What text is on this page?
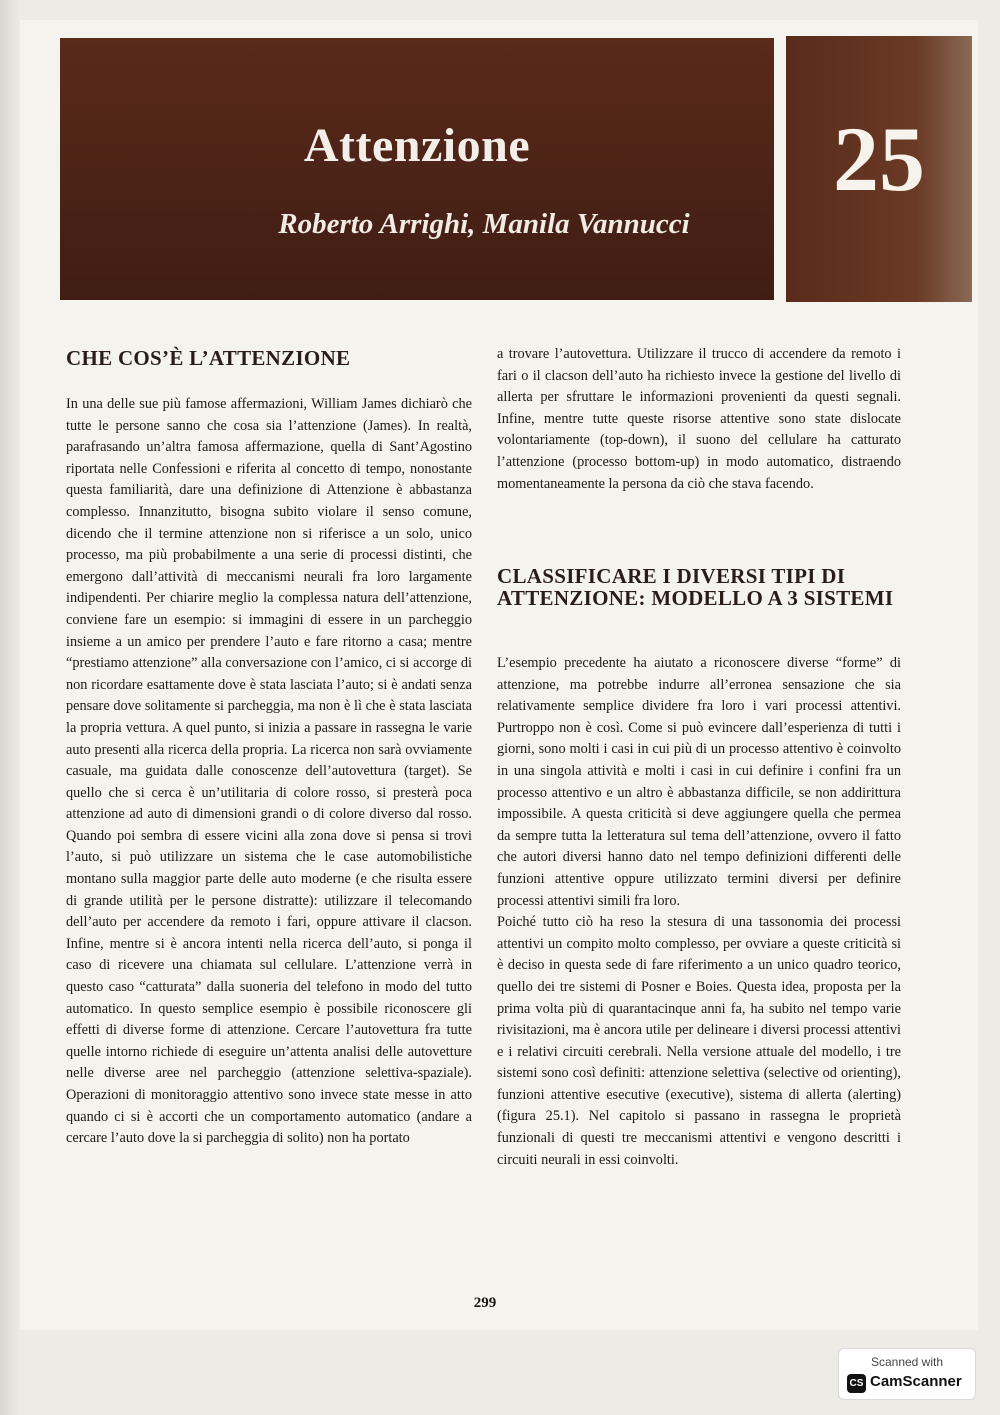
Attenzione
Roberto Arrighi, Manila Vannucci
25
CHE COS’È L’ATTENZIONE

In una delle sue più famose affermazioni, William James dichiarò che tutte le persone sanno che cosa sia l’attenzione (James). In realtà, parafrasando un’altra famosa affermazione, quella di Sant’Agostino riportata nelle Confessioni e riferita al concetto di tempo, nonostante questa familiarità, dare una definizione di Attenzione è abbastanza complesso. Innanzitutto, bisogna subito violare il senso comune, dicendo che il termine attenzione non si riferisce a un solo, unico processo, ma più probabilmente a una serie di processi distinti, che emergono dall’attività di meccanismi neurali fra loro largamente indipendenti. Per chiarire meglio la complessa natura dell’attenzione, conviene fare un esempio: si immagini di essere in un parcheggio insieme a un amico per prendere l’auto e fare ritorno a casa; mentre “prestiamo attenzione” alla conversazione con l’amico, ci si accorge di non ricordare esattamente dove è stata lasciata l’auto; si è andati senza pensare dove solitamente si parcheggia, ma non è lì che è stata lasciata la propria vettura. A quel punto, si inizia a passare in rassegna le varie auto presenti alla ricerca della propria. La ricerca non sarà ovviamente casuale, ma guidata dalle conoscenze dell’autovettura (target). Se quello che si cerca è un’utilitaria di colore rosso, si presterà poca attenzione ad auto di dimensioni grandi o di colore diverso dal rosso. Quando poi sembra di essere vicini alla zona dove si pensa si trovi l’auto, si può utilizzare un sistema che le case automobilistiche montano sulla maggior parte delle auto moderne (e che risulta essere di grande utilità per le persone distratte): utilizzare il telecomando dell’auto per accendere da remoto i fari, oppure attivare il clacson. Infine, mentre si è ancora intenti nella ricerca dell’auto, si ponga il caso di ricevere una chiamata sul cellulare. L’attenzione verrà in questo caso “catturata” dalla suoneria del telefono in modo del tutto automatico. In questo semplice esempio è possibile riconoscere gli effetti di diverse forme di attenzione. Cercare l’autovettura fra tutte quelle intorno richiede di eseguire un’attenta analisi delle autovetture nelle diverse aree nel parcheggio (attenzione selettiva-spaziale). Operazioni di monitoraggio attentivo sono invece state messe in atto quando ci si è accorti che un comportamento automatico (andare a cercare l’auto dove la si parcheggia di solito) non ha portato

a trovare l’autovettura. Utilizzare il trucco di accendere da remoto i fari o il clacson dell’auto ha richiesto invece la gestione del livello di allerta per sfruttare le informazioni provenienti da questi segnali. Infine, mentre tutte queste risorse attentive sono state dislocate volontariamente (top-down), il suono del cellulare ha catturato l’attenzione (processo bottom-up) in modo automatico, distraendo momentaneamente la persona da ciò che stava facendo.

CLASSIFICARE I DIVERSI TIPI DI ATTENZIONE: MODELLO A 3 SISTEMI

L’esempio precedente ha aiutato a riconoscere diverse “forme” di attenzione, ma potrebbe indurre all’erronea sensazione che sia relativamente semplice dividere fra loro i vari processi attentivi. Purtroppo non è così. Come si può evincere dall’esperienza di tutti i giorni, sono molti i casi in cui più di un processo attentivo è coinvolto in una singola attività e molti i casi in cui definire i confini fra un processo attentivo e un altro è abbastanza difficile, se non addirittura impossibile. A questa criticità si deve aggiungere quella che permea da sempre tutta la letteratura sul tema dell’attenzione, ovvero il fatto che autori diversi hanno dato nel tempo definizioni differenti delle funzioni attentive oppure utilizzato termini diversi per definire processi attentivi simili fra loro.

Poiché tutto ciò ha reso la stesura di una tassonomia dei processi attentivi un compito molto complesso, per ovviare a queste criticità si è deciso in questa sede di fare riferimento a un unico quadro teorico, quello dei tre sistemi di Posner e Boies. Questa idea, proposta per la prima volta più di quarantacinque anni fa, ha subito nel tempo varie rivisitazioni, ma è ancora utile per delineare i diversi processi attentivi e i relativi circuiti cerebrali. Nella versione attuale del modello, i tre sistemi sono così definiti: attenzione selettiva (selective od orienting), funzioni attentive esecutive (executive), sistema di allerta (alerting) (figura 25.1). Nel capitolo si passano in rassegna le proprietà funzionali di questi tre meccanismi attentivi e vengono descritti i circuiti neurali in essi coinvolti.

299
Scanned with
CS CamScanner
